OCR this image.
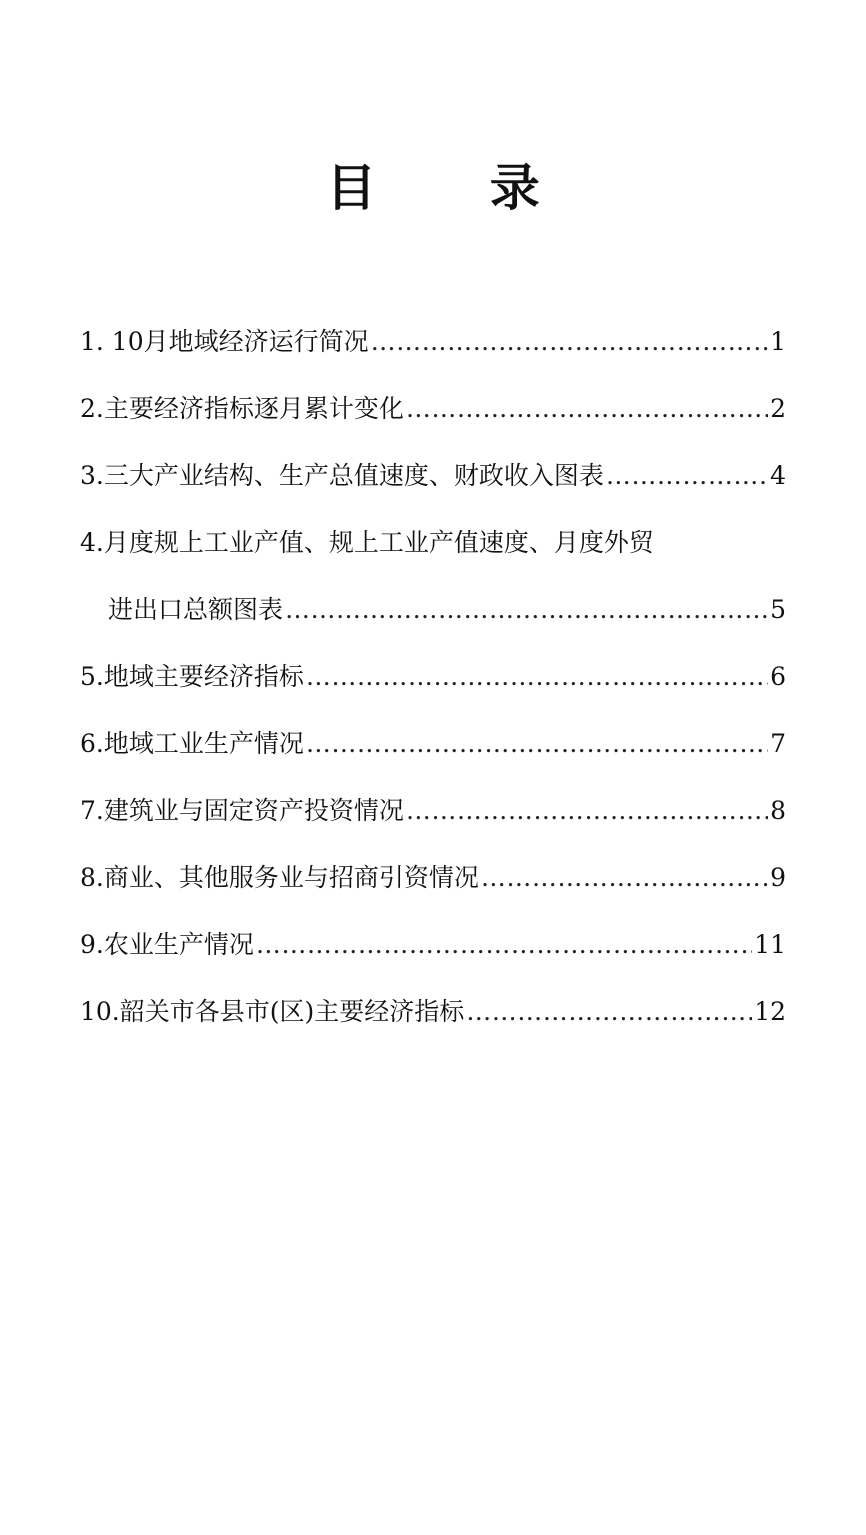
目 录
1. 10月地域经济运行简况 …………………………………………………………………………………………………………………………………………………………………………	1
2.主要经济指标逐月累计变化 …………………………………………………………………………………………………………………………………………………………………………	2
3.三大产业结构、生产总值速度、财政收入图表 …………………………………………………………………………………………………………………………………………………………………………	4
4.月度规上工业产值、规上工业产值速度、月度外贸
进出口总额图表 …………………………………………………………………………………………………………………………………………………………………………	5
5.地域主要经济指标 …………………………………………………………………………………………………………………………………………………………………………	6
6.地域工业生产情况 …………………………………………………………………………………………………………………………………………………………………………	7
7.建筑业与固定资产投资情况 …………………………………………………………………………………………………………………………………………………………………………	8
8.商业、其他服务业与招商引资情况 …………………………………………………………………………………………………………………………………………………………………………	9
9.农业生产情况 …………………………………………………………………………………………………………………………………………………………………………	11
10.韶关市各县市(区)主要经济指标 …………………………………………………………………………………………………………………………………………………………………………	12
